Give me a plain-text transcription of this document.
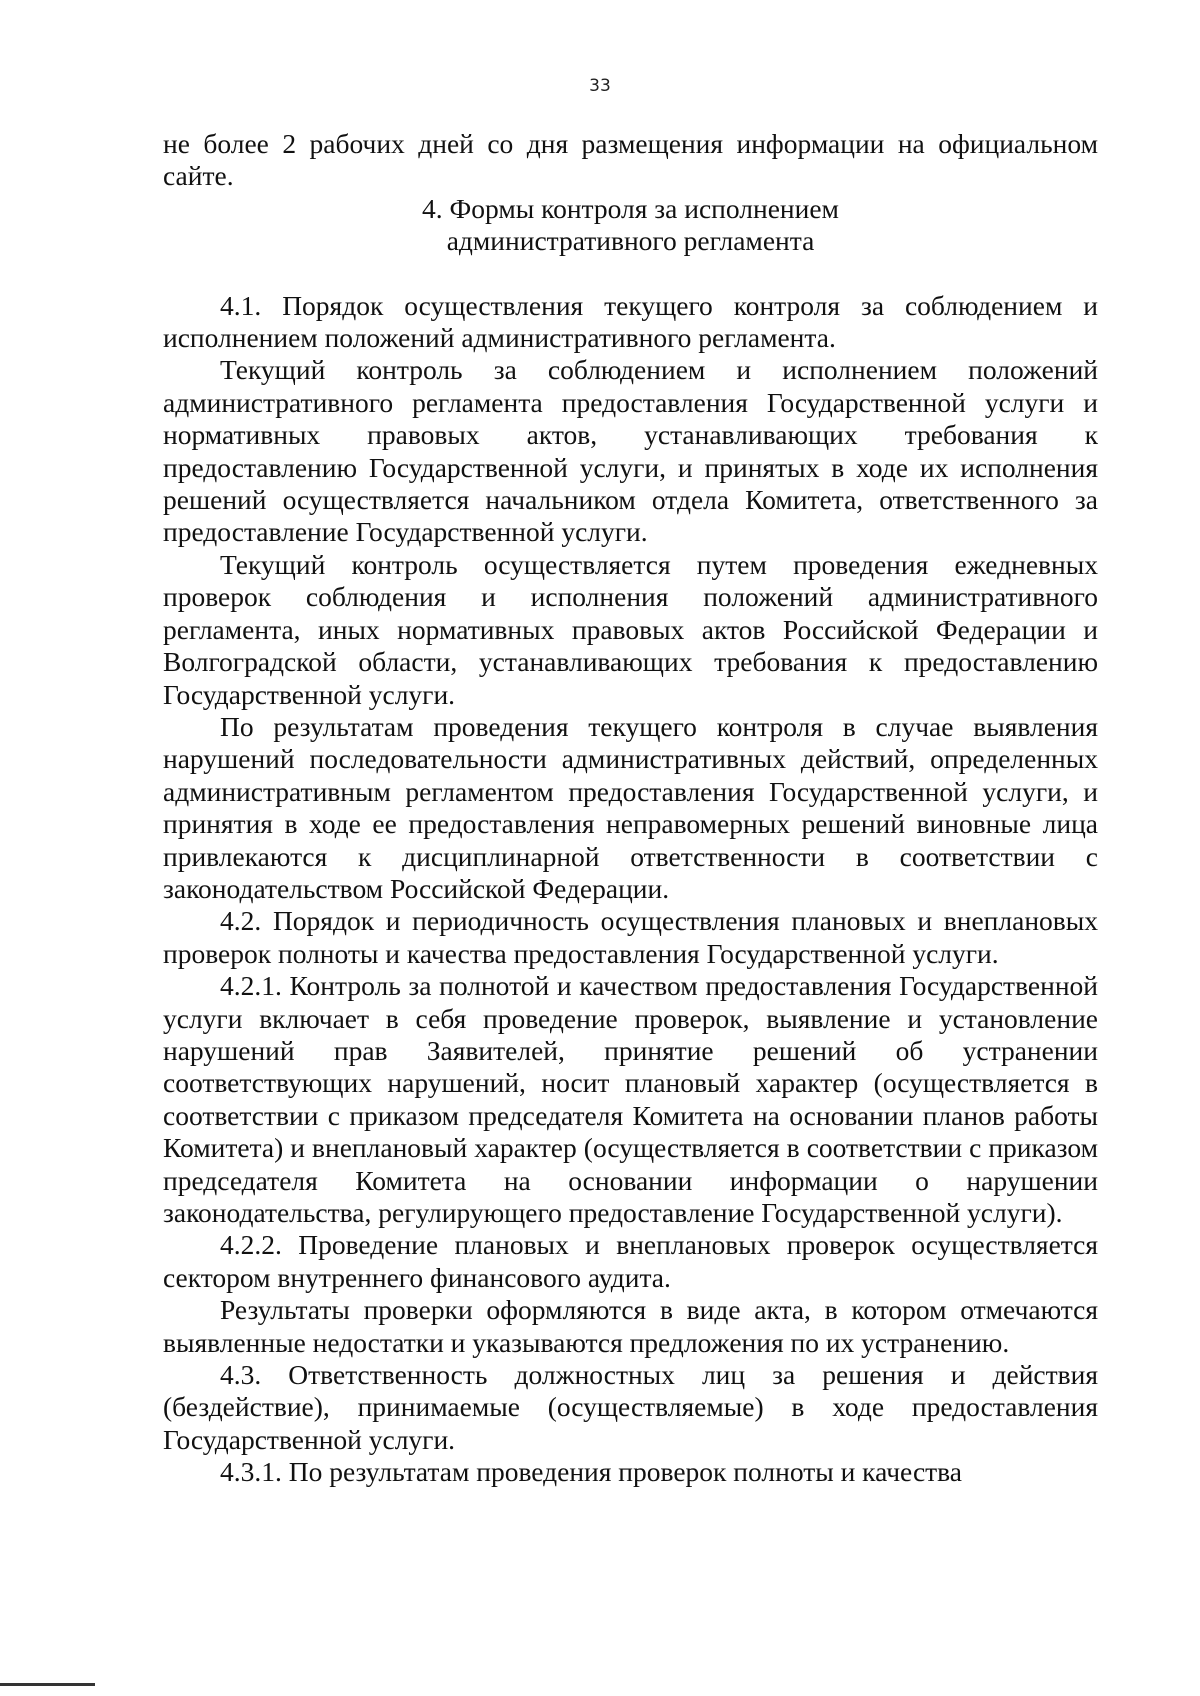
33

не более 2 рабочих дней со дня размещения информации на официальном сайте.

4. Формы контроля за исполнением

административного регламента

4.1. Порядок осуществления текущего контроля за соблюдением и исполнением положений административного регламента.

Текущий контроль за соблюдением и исполнением положений административного регламента предоставления Государственной услуги и нормативных правовых актов, устанавливающих требования к предоставлению Государственной услуги, и принятых в ходе их исполнения решений осуществляется начальником отдела Комитета, ответственного за предоставление Государственной услуги.

Текущий контроль осуществляется путем проведения ежедневных проверок соблюдения и исполнения положений административного регламента, иных нормативных правовых актов Российской Федерации и Волгоградской области, устанавливающих требования к предоставлению Государственной услуги.

По результатам проведения текущего контроля в случае выявления нарушений последовательности административных действий, определенных административным регламентом предоставления Государственной услуги, и принятия в ходе ее предоставления неправомерных решений виновные лица привлекаются к дисциплинарной ответственности в соответствии с законодательством Российской Федерации.

4.2. Порядок и периодичность осуществления плановых и внеплановых проверок полноты и качества предоставления Государственной услуги.

4.2.1. Контроль за полнотой и качеством предоставления Государственной услуги включает в себя проведение проверок, выявление и установление нарушений прав Заявителей, принятие решений об устранении соответствующих нарушений, носит плановый характер (осуществляется в соответствии с приказом председателя Комитета на основании планов работы Комитета) и внеплановый характер (осуществляется в соответствии с приказом председателя Комитета на основании информации о нарушении законодательства, регулирующего предоставление Государственной услуги).

4.2.2. Проведение плановых и внеплановых проверок осуществляется сектором внутреннего финансового аудита.

Результаты проверки оформляются в виде акта, в котором отмечаются выявленные недостатки и указываются предложения по их устранению.

4.3. Ответственность должностных лиц за решения и действия (бездействие), принимаемые (осуществляемые) в ходе предоставления Государственной услуги.

4.3.1. По результатам проведения проверок полноты и качества
